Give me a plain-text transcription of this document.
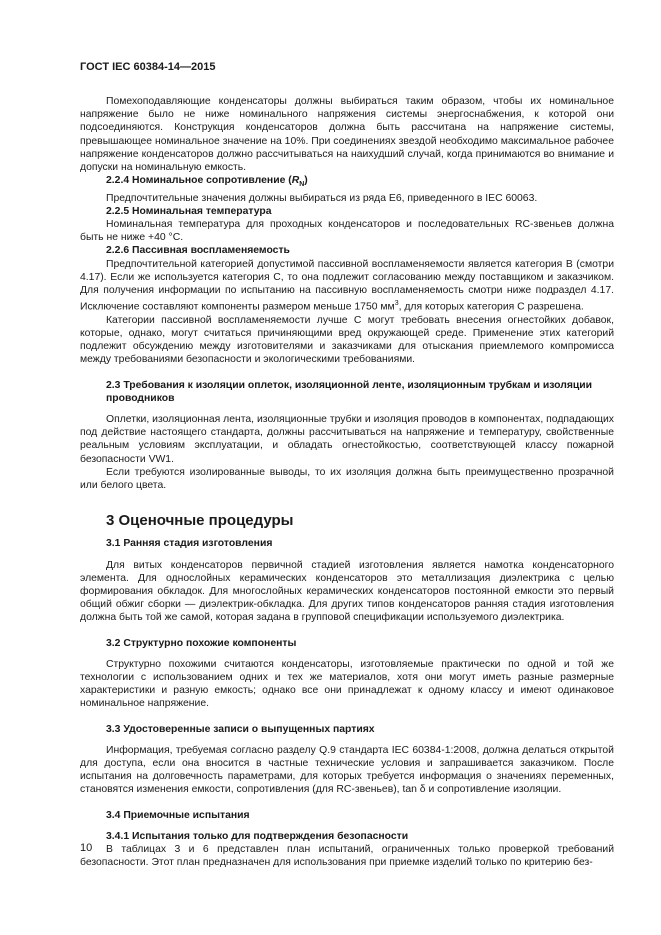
ГОСТ IEC 60384-14—2015

Помехоподавляющие конденсаторы должны выбираться таким образом, чтобы их номинальное напряжение было не ниже номинального напряжения системы энергоснабжения, к которой они подсоединяются. Конструкция конденсаторов должна быть рассчитана на напряжение системы, превышающее номинальное значение на 10%. При соединениях звездой необходимо максимальное рабочее напряжение конденсаторов должно рассчитываться на наихудший случай, когда принимаются во внимание и допуски на номинальную емкость.

2.2.4 Номинальное сопротивление $(R_N)$

Предпочтительные значения должны выбираться из ряда Е6, приведенного в IEC 60063.

2.2.5 Номинальная температура

Номинальная температура для проходных конденсаторов и последовательных RC-звеньев должна быть не ниже +40 °С.

2.2.6 Пассивная воспламеняемость

Предпочтительной категорией допустимой пассивной воспламеняемости является категория В (смотри 4.17). Если же используется категория С, то она подлежит согласованию между поставщиком и заказчиком. Для получения информации по испытанию на пассивную воспламеняемость смотри ниже подраздел 4.17. Исключение составляют компоненты размером меньше 1750 $мм^3$, для которых категория С разрешена.

Категории пассивной воспламеняемости лучше С могут требовать внесения огнестойких добавок, которые, однако, могут считаться причиняющими вред окружающей среде. Применение этих категорий подлежит обсуждению между изготовителями и заказчиками для отыскания приемлемого компромисса между требованиями безопасности и экологическими требованиями.

2.3 Требования к изоляции оплеток, изоляционной ленте, изоляционным трубкам и изоляции проводников

Оплетки, изоляционная лента, изоляционные трубки и изоляция проводов в компонентах, подпадающих под действие настоящего стандарта, должны рассчитываться на напряжение и температуру, свойственные реальным условиям эксплуатации, и обладать огнестойкостью, соответствующей классу пожарной безопасности VW1.

Если требуются изолированные выводы, то их изоляция должна быть преимущественно прозрачной или белого цвета.

3 Оценочные процедуры

3.1 Ранняя стадия изготовления

Для витых конденсаторов первичной стадией изготовления является намотка конденсаторного элемента. Для однослойных керамических конденсаторов это металлизация диэлектрика с целью формирования обкладок. Для многослойных керамических конденсаторов постоянной емкости это первый общий обжиг сборки — диэлектрик-обкладка. Для других типов конденсаторов ранняя стадия изготовления должна быть той же самой, которая задана в групповой спецификации используемого диэлектрика.

3.2 Структурно похожие компоненты

Структурно похожими считаются конденсаторы, изготовляемые практически по одной и той же технологии с использованием одних и тех же материалов, хотя они могут иметь разные размерные характеристики и разную емкость; однако все они принадлежат к одному классу и имеют одинаковое номинальное напряжение.

3.3 Удостоверенные записи о выпущенных партиях

Информация, требуемая согласно разделу Q.9 стандарта IEC 60384-1:2008, должна делаться открытой для доступа, если она вносится в частные технические условия и запрашивается заказчиком. После испытания на долговечность параметрами, для которых требуется информация о значениях переменных, становятся изменения емкости, сопротивления (для RC-звеньев), tan δ и сопротивление изоляции.

3.4 Приемочные испытания

3.4.1 Испытания только для подтверждения безопасности

В таблицах 3 и 6 представлен план испытаний, ограниченных только проверкой требований безопасности. Этот план предназначен для использования при приемке изделий только по критерию без-

10
